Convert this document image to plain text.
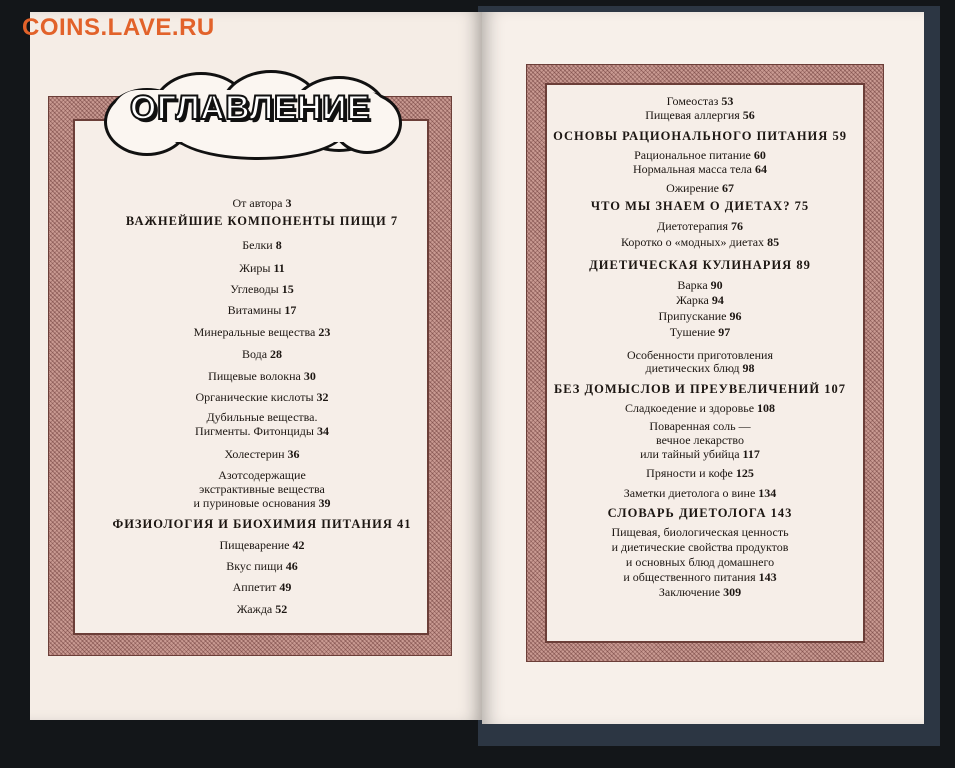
ОГЛАВЛЕНИЕ
COINS.LAVE.RU
От автора 3
ВАЖНЕЙШИЕ КОМПОНЕНТЫ ПИЩИ 7
Белки 8
Жиры 11
Углеводы 15
Витамины 17
Минеральные вещества 23
Вода 28
Пищевые волокна 30
Органические кислоты 32
Дубильные вещества.
Пигменты. Фитонциды 34
Холестерин 36
Азотсодержащие
экстрактивные вещества
и пуриновые основания 39
ФИЗИОЛОГИЯ И БИОХИМИЯ ПИТАНИЯ 41
Пищеварение 42
Вкус пищи 46
Аппетит 49
Жажда 52
Гомеостаз 53
Пищевая аллергия 56
ОСНОВЫ РАЦИОНАЛЬНОГО ПИТАНИЯ 59
Рациональное питание 60
Нормальная масса тела 64
Ожирение 67
ЧТО МЫ ЗНАЕМ О ДИЕТАХ? 75
Диетотерапия 76
Коротко о «модных» диетах 85
ДИЕТИЧЕСКАЯ КУЛИНАРИЯ 89
Варка 90
Жарка 94
Припускание 96
Тушение 97
Особенности приготовления
диетических блюд 98
БЕЗ ДОМЫСЛОВ И ПРЕУВЕЛИЧЕНИЙ 107
Сладкоедение и здоровье 108
Поваренная соль —
вечное лекарство
или тайный убийца 117
Пряности и кофе 125
Заметки диетолога о вине 134
СЛОВАРЬ ДИЕТОЛОГА 143
Пищевая, биологическая ценность
и диетические свойства продуктов
и основных блюд домашнего
и общественного питания 143
Заключение 309
